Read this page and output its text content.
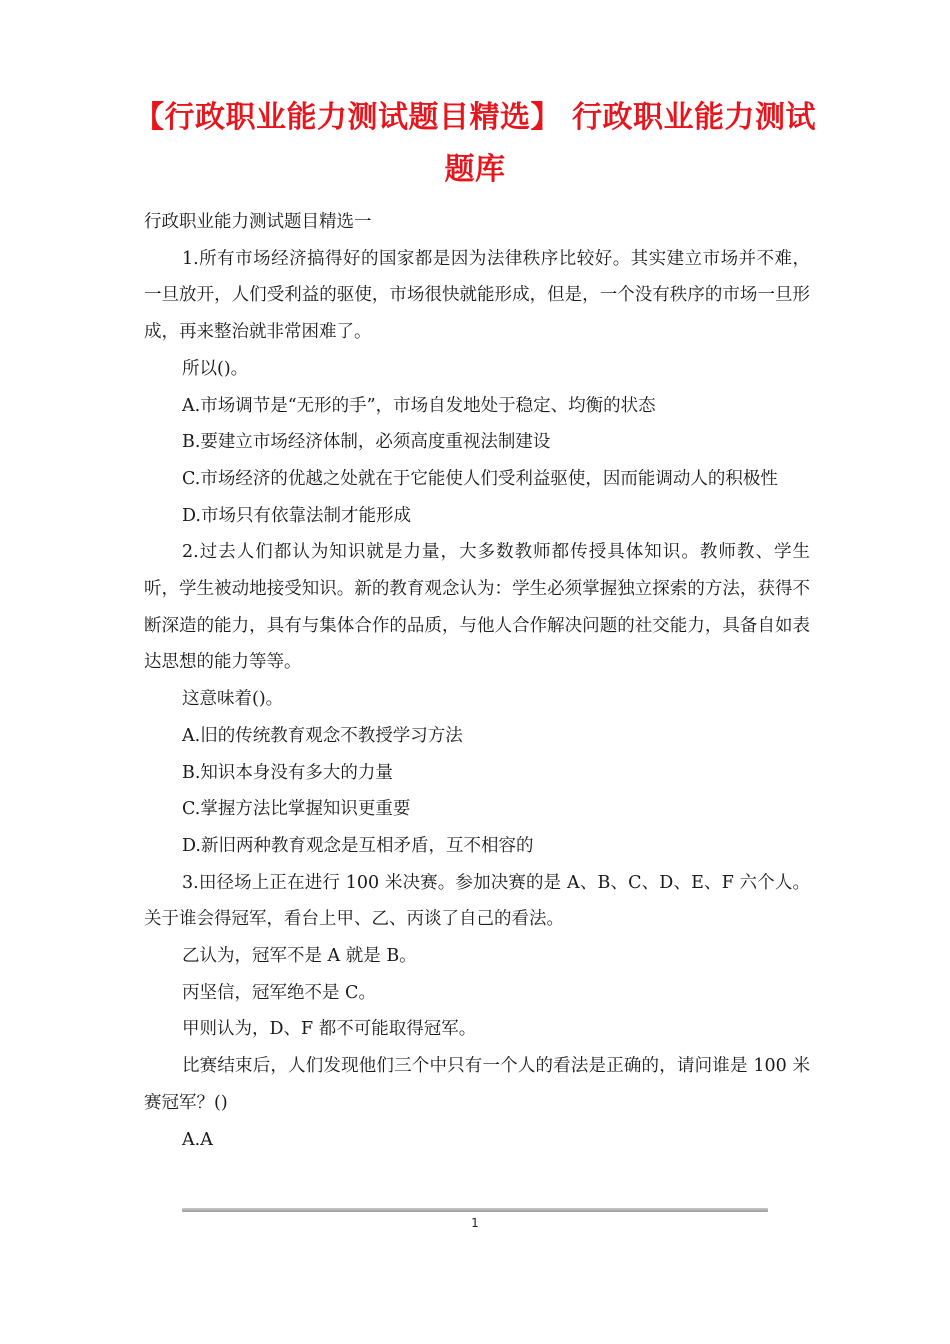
【行政职业能力测试题目精选】 行政职业能力测试题库

行政职业能力测试题目精选一

1.所有市场经济搞得好的国家都是因为法律秩序比较好。其实建立市场并不难，一旦放开，人们受利益的驱使，市场很快就能形成，但是，一个没有秩序的市场一旦形成，再来整治就非常困难了。

所以()。

A.市场调节是“无形的手”，市场自发地处于稳定、均衡的状态

B.要建立市场经济体制，必须高度重视法制建设

C.市场经济的优越之处就在于它能使人们受利益驱使，因而能调动人的积极性

D.市场只有依靠法制才能形成

2.过去人们都认为知识就是力量，大多数教师都传授具体知识。教师教、学生听，学生被动地接受知识。新的教育观念认为：学生必须掌握独立探索的方法，获得不断深造的能力，具有与集体合作的品质，与他人合作解决问题的社交能力，具备自如表达思想的能力等等。

这意味着()。

A.旧的传统教育观念不教授学习方法

B.知识本身没有多大的力量

C.掌握方法比掌握知识更重要

D.新旧两种教育观念是互相矛盾，互不相容的

3.田径场上正在进行 100 米决赛。参加决赛的是 A、B、C、D、E、F 六个人。关于谁会得冠军，看台上甲、乙、丙谈了自己的看法。

乙认为，冠军不是 A 就是 B。

丙坚信，冠军绝不是 C。

甲则认为，D、F 都不可能取得冠军。

比赛结束后，人们发现他们三个中只有一个人的看法是正确的，请问谁是 100 米赛冠军？()

A.A

1
